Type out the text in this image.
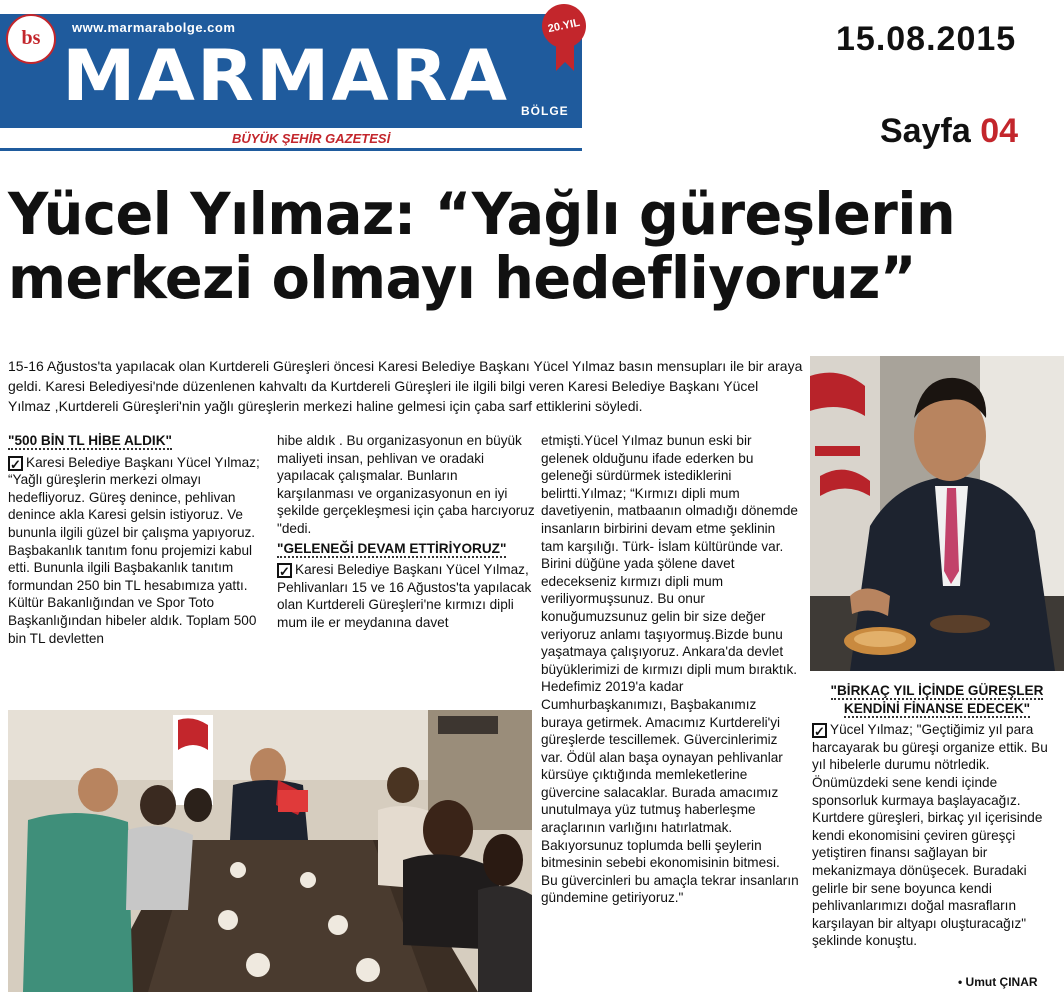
bs	www.marmarabolge.com
MARMARA BÖLGE
20.YIL
BÜYÜK ŞEHİR GAZETESİ
15.08.2015
Sayfa 04
Yücel Yılmaz: “Yağlı güreşlerin merkezi olmayı hedefliyoruz”
15-16 Ağustos'ta yapılacak olan Kurtdereli Güreşleri öncesi Karesi Belediye Başkanı Yücel Yılmaz basın mensupları ile bir araya geldi. Karesi Belediyesi'nde düzenlenen kahvaltı da Kurtdereli Güreşleri ile ilgili bilgi veren Karesi Belediye Başkanı Yücel Yılmaz ,Kurtdereli Güreşleri'nin yağlı güreşlerin merkezi haline gelmesi için çaba sarf ettiklerini söyledi.
"500 BİN TL HİBE ALDIK"

✓ Karesi Belediye Başkanı Yücel Yılmaz; “Yağlı güreşlerin merkezi olmayı hedefliyoruz. Güreş denince, pehlivan denince akla Karesi gelsin istiyoruz. Ve bununla ilgili güzel bir çalışma yapıyoruz. Başbakanlık tanıtım fonu projemizi kabul etti. Bununla ilgili Başbakanlık tanıtım formundan 250 bin TL hesabımıza yattı. Kültür Bakanlığından ve Spor Toto Başkanlığından hibeler aldık. Toplam 500 bin TL devletten

hibe aldık . Bu organizasyonun en büyük maliyeti insan, pehlivan ve oradaki yapılacak çalışmalar. Bunların karşılanması ve organizasyonun en iyi şekilde gerçekleşmesi için çaba harcıyoruz "dedi.

"GELENEĞİ DEVAM ETTİRİYORUZ"

✓ Karesi Belediye Başkanı Yücel Yılmaz, Pehlivanları 15 ve 16 Ağustos'ta yapılacak olan Kurtdereli Güreşleri'ne kırmızı dipli mum ile er meydanına davet

etmişti.Yücel Yılmaz bunun eski bir gelenek olduğunu ifade ederken bu geleneği sürdürmek istediklerini belirtti.Yılmaz; “Kırmızı dipli mum davetiyenin, matbaanın olmadığı dönemde insanların birbirini devam etme şeklinin tam karşılığı. Türk- İslam kültüründe var. Birini düğüne yada şölene davet edecekseniz kırmızı dipli mum veriliyormuşsunuz. Bu onur konuğumuzsunuz gelin bir size değer veriyoruz anlamı taşıyormuş.Bizde bunu yaşatmaya çalışıyoruz. Ankara'da devlet büyüklerimizi de kırmızı dipli mum bıraktık. Hedefimiz 2019'a kadar Cumhurbaşkanımızı, Başbakanımız buraya getirmek. Amacımız Kurtdereli'yi güreşlerde tescillemek. Güvercinlerimiz var. Ödül alan başa oynayan pehlivanlar kürsüye çıktığında memleketlerine güvercine salacaklar. Burada amacımız unutulmaya yüz tutmuş haberleşme araçlarının varlığını hatırlatmak. Bakıyorsunuz toplumda belli şeylerin bitmesinin sebebi ekonomisinin bitmesi. Bu güvercinleri bu amaçla tekrar insanların gündemine getiriyoruz."

"BİRKAÇ YIL İÇİNDE GÜREŞLER KENDİNİ FİNANSE EDECEK"

✓ Yücel Yılmaz; "Geçtiğimiz yıl para harcayarak bu güreşi organize ettik. Bu yıl hibelerle durumu nötrledik. Önümüzdeki sene kendi içinde sponsorluk kurmaya başlayacağız. Kurtdere güreşleri, birkaç yıl içerisinde kendi ekonomisini çeviren güreşçi yetiştiren finansı sağlayan bir mekanizmaya dönüşecek. Buradaki gelirle bir sene boyunca kendi pehlivanlarımızı doğal masrafların karşılayan bir altyapı oluşturacağız" şeklinde konuştu.

• Umut ÇINAR
